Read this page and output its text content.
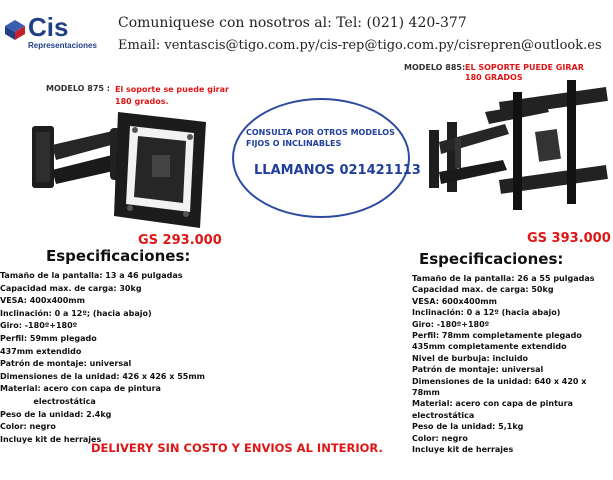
Cis
Representaciones
Comuniquese con nosotros al: Tel: (021) 420-377
Email: ventascis@tigo.com.py/cis-rep@tigo.com.py/cisrepren@outlook.es
MODELO 875 : El soporte se puede girar 180 grados.
GS 293.000
Especificaciones:
Tamaño de la pantalla: 13 a 46 pulgadas
Capacidad max. de carga: 30kg
VESA: 400x400mm
Inclinación: 0 a 12º; (hacia abajo)
Giro: -180º+180º
Perfil: 59mm plegado
437mm extendido
Patrón de montaje: universal
Dimensiones de la unidad: 426 x 426 x 55mm
Material: acero con capa de pintura
electrostática
Peso de la unidad: 2.4kg
Color: negro
Incluye kit de herrajes
CONSULTA POR OTROS MODELOS FIJOS O INCLINABLES
LLAMANOS 021421113
MODELO 885: EL SOPORTE PUEDE GIRAR 180 GRADOS
GS 393.000
Especificaciones:
Tamaño de la pantalla: 26 a 55 pulgadas
Capacidad max. de carga: 50kg
VESA: 600x400mm
Inclinación: 0 a 12º (hacia abajo)
Giro: -180º+180º
Perfil: 78mm completamente plegado
435mm completamente extendido
Nivel de burbuja: incluido
Patrón de montaje: universal
Dimensiones de la unidad: 640 x 420 x 78mm
Material: acero con capa de pintura electrostática
Peso de la unidad: 5,1kg
Color: negro
Incluye kit de herrajes
DELIVERY SIN COSTO Y ENVIOS AL INTERIOR.
